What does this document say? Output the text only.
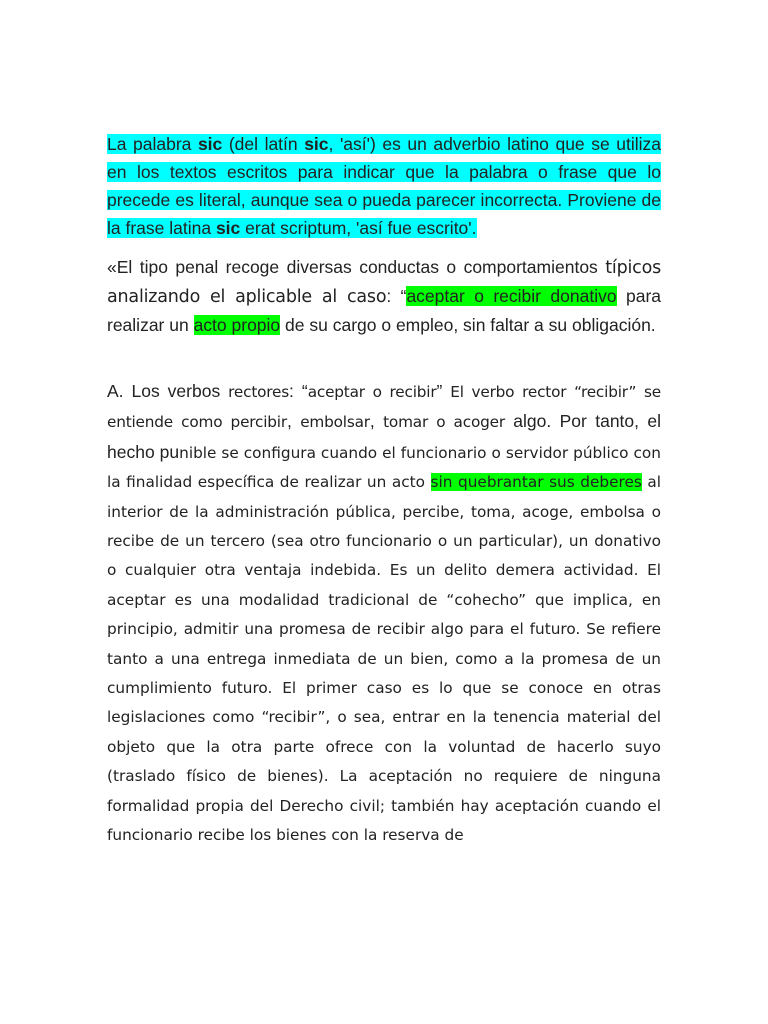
La palabra sic (del latín sic, 'así') es un adverbio latino que se utiliza en los textos escritos para indicar que la palabra o frase que lo precede es literal, aunque sea o pueda parecer incorrecta. Proviene de la frase latina sic erat scriptum, 'así fue escrito'.

«El tipo penal recoge diversas conductas o comportamientos típicos analizando el aplicable al caso: “aceptar o recibir donativo para realizar un acto propio de su cargo o empleo, sin faltar a su obligación.

A. Los verbos rectores: “aceptar o recibir” El verbo rector “recibir” se entiende como percibir, embolsar, tomar o acoger algo. Por tanto, el hecho punible se configura cuando el funcionario o servidor público con la finalidad específica de realizar un acto sin quebrantar sus deberes al interior de la administración pública, percibe, toma, acoge, embolsa o recibe de un tercero (sea otro funcionario o un particular), un donativo o cualquier otra ventaja indebida. Es un delito demera actividad. El aceptar es una modalidad tradicional de “cohecho” que implica, en principio, admitir una promesa de recibir algo para el futuro. Se refiere tanto a una entrega inmediata de un bien, como a la promesa de un cumplimiento futuro. El primer caso es lo que se conoce en otras legislaciones como “recibir”, o sea, entrar en la tenencia material del objeto que la otra parte ofrece con la voluntad de hacerlo suyo (traslado físico de bienes). La aceptación no requiere de ninguna formalidad propia del Derecho civil; también hay aceptación cuando el funcionario recibe los bienes con la reserva de
